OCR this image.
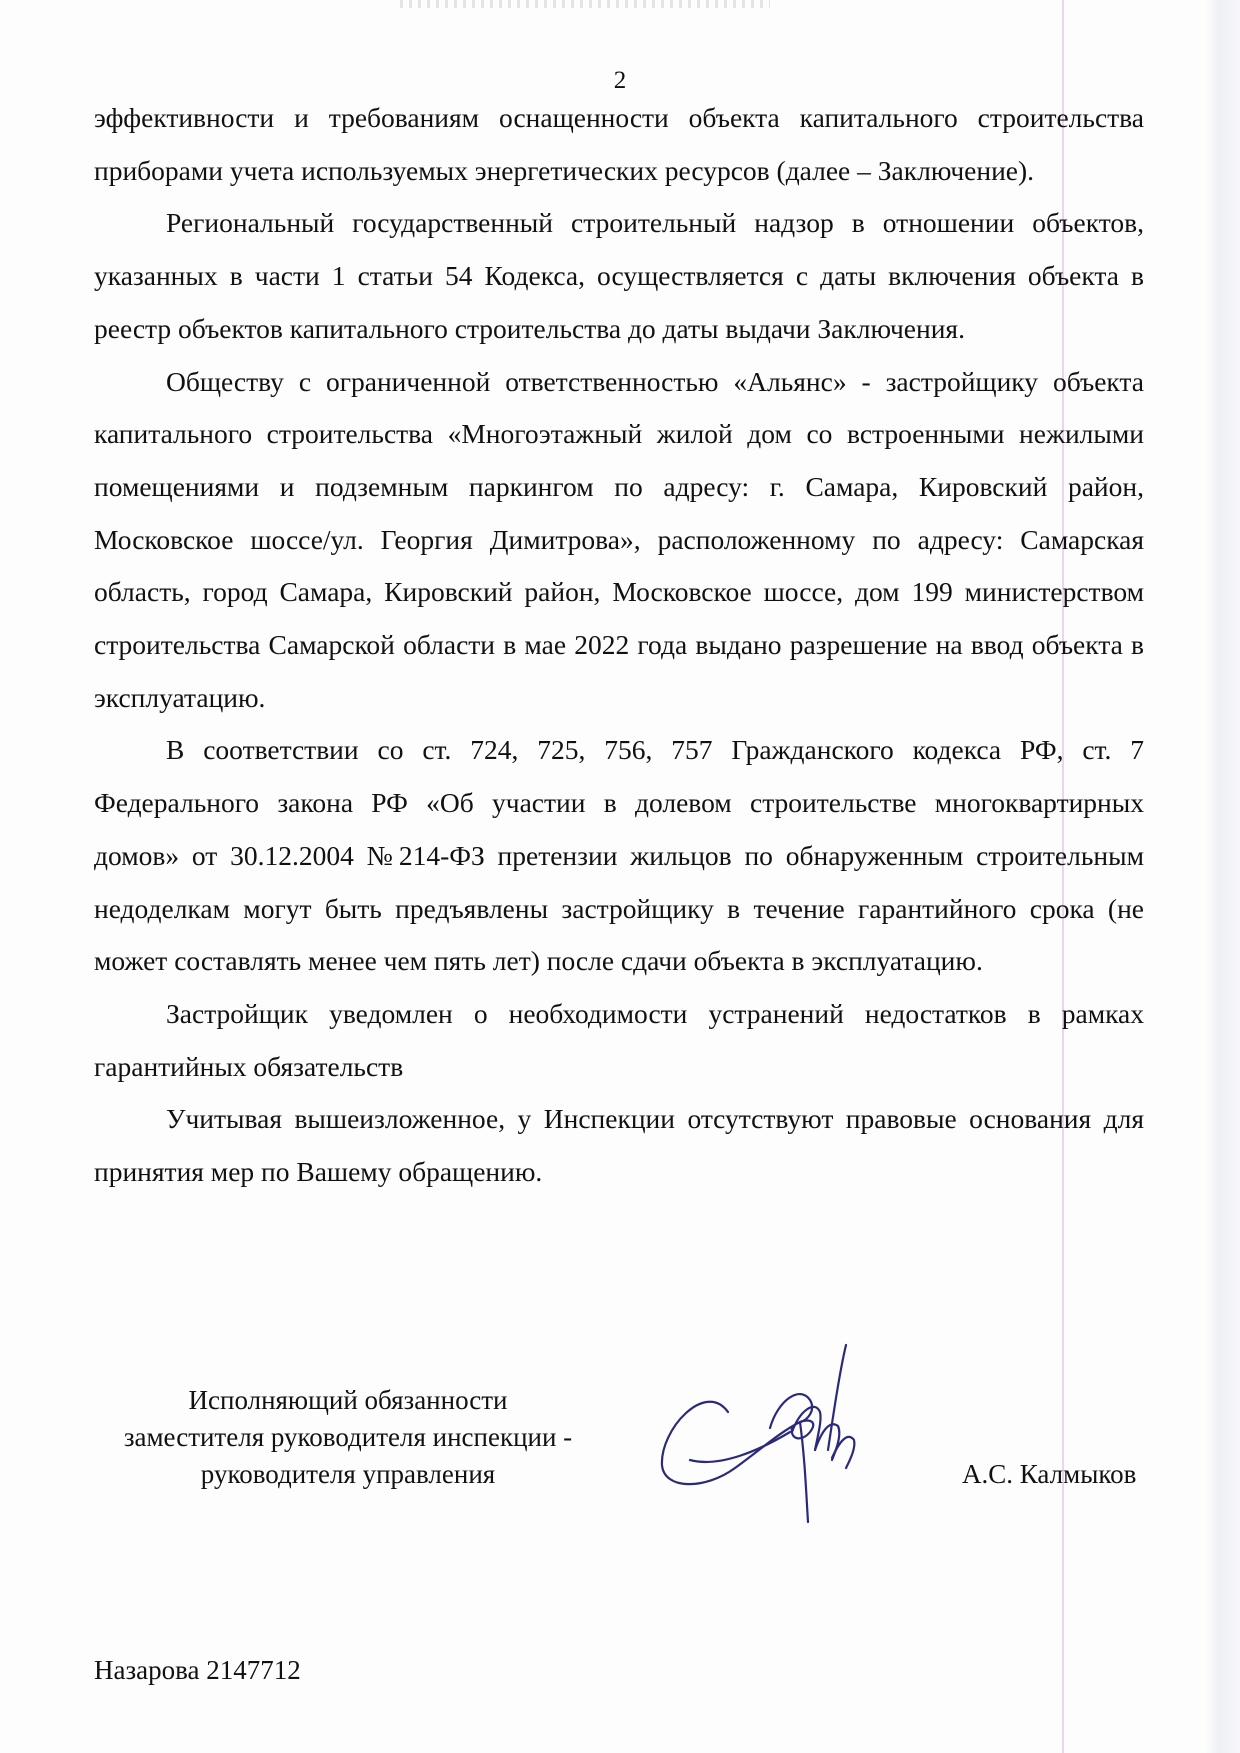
2

эффективности и требованиям оснащенности объекта капитального строительства приборами учета используемых энергетических ресурсов (далее – Заключение).

Региональный государственный строительный надзор в отношении объектов, указанных в части 1 статьи 54 Кодекса, осуществляется с даты включения объекта в реестр объектов капитального строительства до даты выдачи Заключения.

Обществу с ограниченной ответственностью «Альянс» - застройщику объекта капитального строительства «Многоэтажный жилой дом со встроенными нежилыми помещениями и подземным паркингом по адресу: г. Самара, Кировский район, Московское шоссе/ул. Георгия Димитрова», расположенному по адресу: Самарская область, город Самара, Кировский район, Московское шоссе, дом 199 министерством строительства Самарской области в мае 2022 года выдано разрешение на ввод объекта в эксплуатацию.

В соответствии со ст. 724, 725, 756, 757 Гражданского кодекса РФ, ст. 7 Федерального закона РФ «Об участии в долевом строительстве многоквартирных домов» от 30.12.2004 №214-ФЗ претензии жильцов по обнаруженным строительным недоделкам могут быть предъявлены застройщику в течение гарантийного срока (не может составлять менее чем пять лет) после сдачи объекта в эксплуатацию.

Застройщик уведомлен о необходимости устранений недостатков в рамках гарантийных обязательств

Учитывая вышеизложенное, у Инспекции отсутствуют правовые основания для принятия мер по Вашему обращению.

Исполняющий обязанности
заместителя руководителя инспекции -
руководителя управления	А.С. Калмыков
Назарова 2147712
